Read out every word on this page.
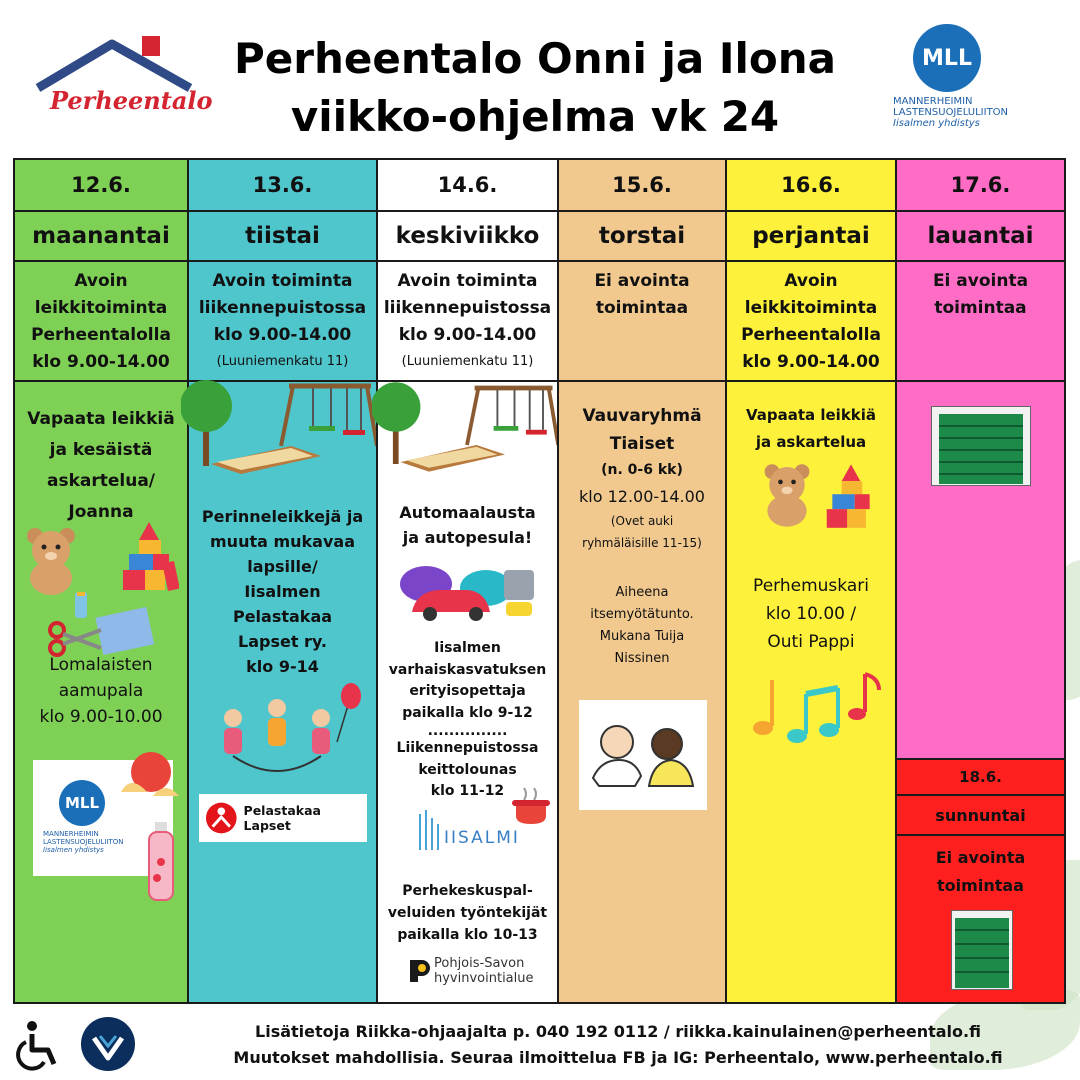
Perheentalo
Perheentalo Onni ja Ilona
viikko-ohjelma vk 24
MLL
MANNERHEIMIN
LASTENSUOJELULIITON
Iisalmen yhdistys
12.6.
maanantai
Avoin
leikkitoiminta
Perheentalolla
klo 9.00-14.00
Vapaata leikkiä
ja kesäistä
askartelua/
Joanna
Lomalaisten
aamupala
klo 9.00-10.00
MLL
MANNERHEIMIN
LASTENSUOJELULIITON
Iisalmen yhdistys
13.6.
tiistai
Avoin toiminta
liikennepuistossa
klo 9.00-14.00
(Luuniemenkatu 11)
Perinneleikkejä ja
muuta mukavaa
lapsille/
Iisalmen
Pelastakaa
Lapset ry.
klo 9-14
Pelastakaa Lapset
14.6.
keskiviikko
Avoin toiminta
liikennepuistossa
klo 9.00-14.00
(Luuniemenkatu 11)
Automaalausta
ja autopesula!
Iisalmen
varhaiskasvatuksen
erityisopettaja
paikalla klo 9-12
...............
Liikennepuistossa
keittolounas
klo 11-12
IISALMI
Perhekeskuspal-
veluiden työntekijät
paikalla klo 10-13
Pohjois-Savon
hyvinvointialue
15.6.
torstai
Ei avointa
toimintaa
Vauvaryhmä
Tiaiset
(n. 0-6 kk)
klo 12.00-14.00
(Ovet auki
ryhmäläisille 11-15)
Aiheena
itsemyötätunto.
Mukana Tuija
Nissinen
16.6.
perjantai
Avoin
leikkitoiminta
Perheentalolla
klo 9.00-14.00
Vapaata leikkiä
ja askartelua
Perhemuskari
klo 10.00 /
Outi Pappi
17.6.
lauantai
Ei avointa
toimintaa
18.6.
sunnuntai
Ei avointa
toimintaa
Lisätietoja Riikka-ohjaajalta p. 040 192 0112 / riikka.kainulainen@perheentalo.fi
Muutokset mahdollisia. Seuraa ilmoittelua FB ja IG: Perheentalo, www.perheentalo.fi
